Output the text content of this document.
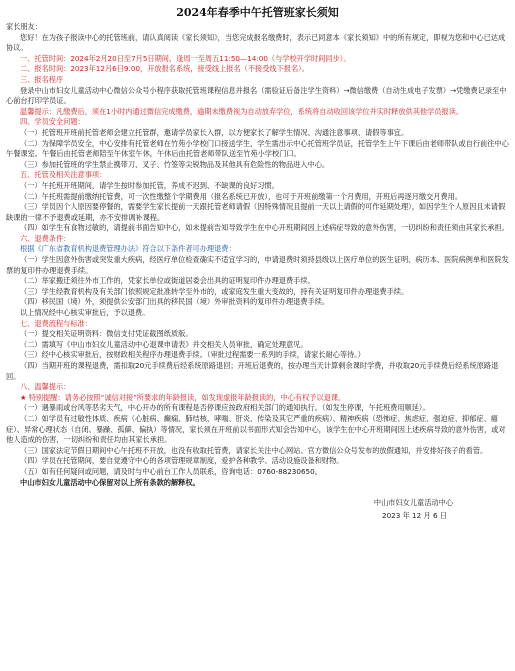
2024年春季中午托管班家长须知

家长朋友：

您好！在为孩子报读中心的托管班前，请认真阅读《家长须知》，当您完成报名缴费时，表示已同意本《家长须知》中的所有规定，即视为您和中心已达成协议。

一、托管时间：2024年2月20日至7月5日期间，逢周一至周五11:50—14:00（与学校开学时间同步）。

二、报名时间：2023年12月6日9:00，开放报名系统，接受线上报名（不接受线下报名）。

三、报名程序

登录中山市妇女儿童活动中心微信公众号小程序获取托管班课程信息并报名（需验证后备注学生资料）→微信缴费（自动生成电子发票）→凭缴费记录至中心前台打印学员证。

温馨提示：凡缴费后，须在1小时内通过微信完成缴费，逾期未缴费视为自动放弃学位，系统将自动收回该学位并实时释放供其他学员报读。

四、学员安全问题：

（一）托管班开班前托管老师会建立托管群，邀请学员家长入群，以方便家长了解学生情况、沟通注意事项、请假等事宜。

（二）为保障学员安全，中心安排有托管老师在竹苑小学校门口接送学生，学生需出示中心托管班学员证，托管学生上午下课后由老师带队或自行前往中心午餐课室。午餐后由托管老师陪至午休室午休，午休后由托管老师带队送至竹苑小学校门口。

（三）参加托管班的学生禁止携带刀、叉子、竹签等尖锐物品及其他具有危险性的物品进入中心。

五、托管及相关注意事项：

（一）午托班开班期间，请学生按时参加托管，养成不迟到、不缺课的良好习惯。

（二）午托班需提前缴纳托管费，可一次性缴整个学期费用（报名系统已开放），也可于开班前缴第一个月费用，开班后再逐月缴交月费用。

（三）学员因个人原因要停餐的，需要学生家长提前一天跟托管老师请假（因特殊情况且提前一天以上请假的可作延期处理），如因学生个人原因且未请假缺课的一律不予退费或延期，亦不安排调补课程。

（四）如学生有食物过敏的，请提前书面告知中心，如未提前告知导致学生在中心开班期间因上述病症导致的意外伤害，一切纠纷和责任须由其家长承担。

六、退费条件：

根据《广东省教育机构退费管理办法》符合以下条件者可办理退费：

（一）学生因意外伤害或突发重大疾病，经医疗单位检查确实不适宜学习的，申请退费时须持县级以上医疗单位的医生证明、病历本、医院病例单和医院发票的复印件办理退费手续。

（二）举家搬迁须往外市工作的，凭家长单位或街道居委会出具的证明复印件办理退费手续。

（三）学生经教育机构及有关部门依照规定批准转学至外市的，或家庭发生重大变故的，持有关证明复印件办理退费手续。

（四）移民国（境）外，须提供公安部门出具的移民国（境）外审批资料的复印件办理退费手续。

以上情况经中心核实审批后，予以退费。

七、退费流程与标准：

（一）提交相关证明资料：微信支付凭证截图纸质版。

（二）需填写《中山市妇女儿童活动中心退课申请表》并交相关人员审批，确定处理意见。

（三）经中心核实审批后，按财政相关程序办理退费手续。（审批过程需要一系列的手续，请家长耐心等待。）

（四）当期开班的课程退费，需扣取20元手续费后经系统原路退回；开班后退费的，按办理当天计算剩余课时学费，并收取20元手续费后经系统原路退回。

八、温馨提示：

★ 特别提醒：请务必按照“诚信对接”所要求的年龄报读，如发现虚报年龄报读的，中心有权予以退课。

（一）遇暴雨或台风等恶劣天气，中心开办的所有课程是否停课应按政府相关部门的通知执行。（如发生停课，午托班费用顺延）。

（二）如学员有过敏性体质、疾病（心脏病、癫痫、肺结核、哮喘、肝炎、传染及其它严重的疾病）、精神疾病（恐怖症、焦虑症、强迫症、抑郁症、癔症）、异常心理状态（自闭、暴躁、孤僻、偏执）等情况，家长须在开班前以书面形式知会告知中心，该学生在中心开班期间因上述疾病导致的意外伤害，或对他人造成的伤害，一切纠纷和责任均由其家长承担。

（三）国家法定节假日期间中心午托班不开放，也没有收取托管费，请家长关注中心网站、官方微信公众号发布的放假通知，并安排好孩子的看管。

（四）学员在托管期间，要自觉遵守中心的各项管理规章制度，爱护各种教学、活动设施设备和财物。

（五）如有任何疑问或问题，请及时与中心前台工作人员联系，咨询电话：0760-88230650。

中山市妇女儿童活动中心保留对以上所有条款的解释权。

中山市妇女儿童活动中心

2023 年 12 月 6 日
